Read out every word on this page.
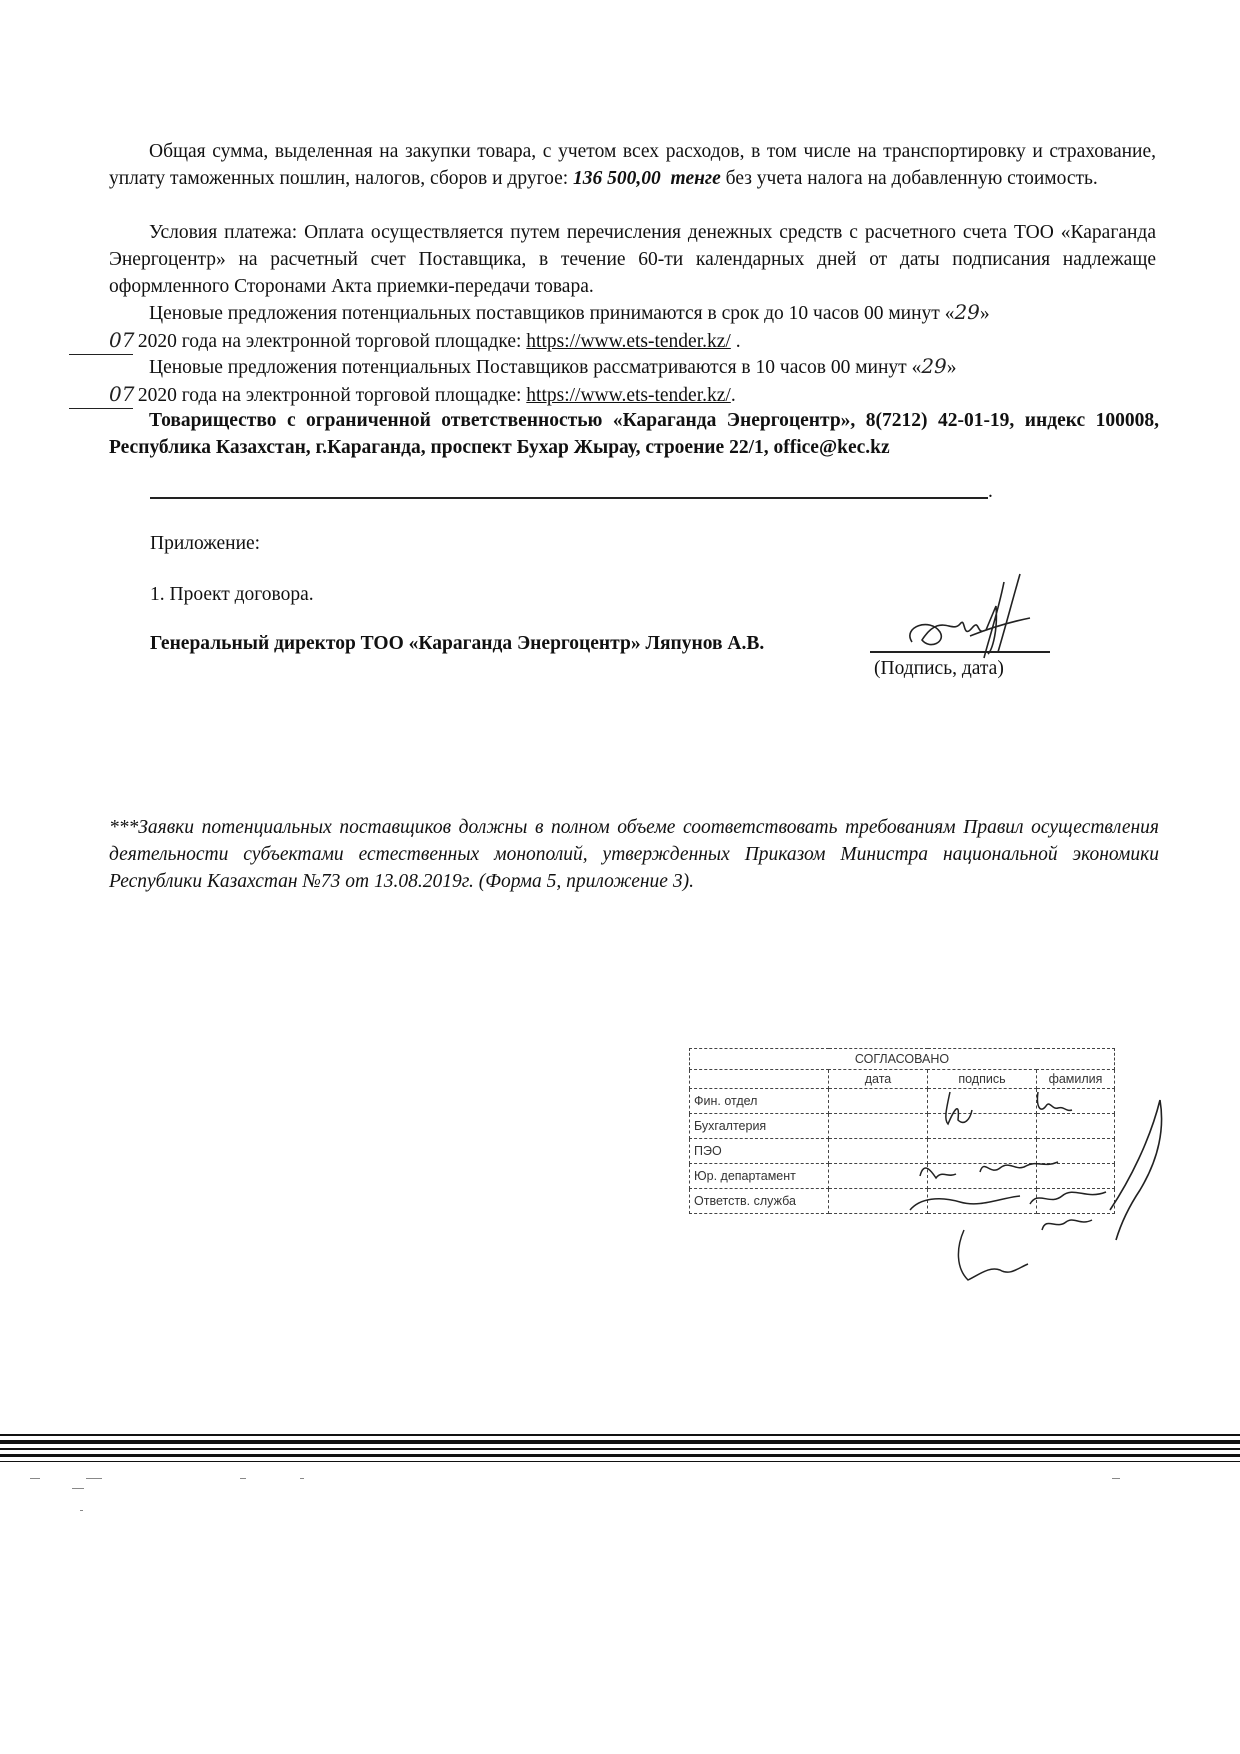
Общая сумма, выделенная на закупки товара, с учетом всех расходов, в том числе на транспортировку и страхование, уплату таможенных пошлин, налогов, сборов и другое: 136 500,00 тенге без учета налога на добавленную стоимость.

Условия платежа: Оплата осуществляется путем перечисления денежных средств с расчетного счета ТОО «Караганда Энергоцентр» на расчетный счет Поставщика, в течение 60-ти календарных дней от даты подписания надлежаще оформленного Сторонами Акта приемки-передачи товара.

Ценовые предложения потенциальных поставщиков принимаются в срок до 10 часов 00 минут «29»
07 2020 года на электронной торговой площадке: https://www.ets-tender.kz/ .

Ценовые предложения потенциальных Поставщиков рассматриваются в 10 часов 00 минут «29»
07 2020 года на электронной торговой площадке: https://www.ets-tender.kz/.

Товарищество с ограниченной ответственностью «Караганда Энергоцентр», 8(7212) 42-01-19, индекс 100008, Республика Казахстан, г.Караганда, проспект Бухар Жырау, строение 22/1, office@kec.kz

.
Приложение:
1. Проект договора.
Генеральный директор ТОО «Караганда Энергоцентр» Ляпунов А.В.
(Подпись, дата)

***Заявки потенциальных поставщиков должны в полном объеме соответствовать требованиям Правил осуществления деятельности субъектами естественных монополий, утвержденных Приказом Министра национальной экономики Республики Казахстан №73 от 13.08.2019г. (Форма 5, приложение 3).

СОГЛАСОВАНО			
	дата	подпись	фамилия
Фин. отдел			
Бухгалтерия			
ПЭО			
Юр. департамент			
Ответств. служба			
